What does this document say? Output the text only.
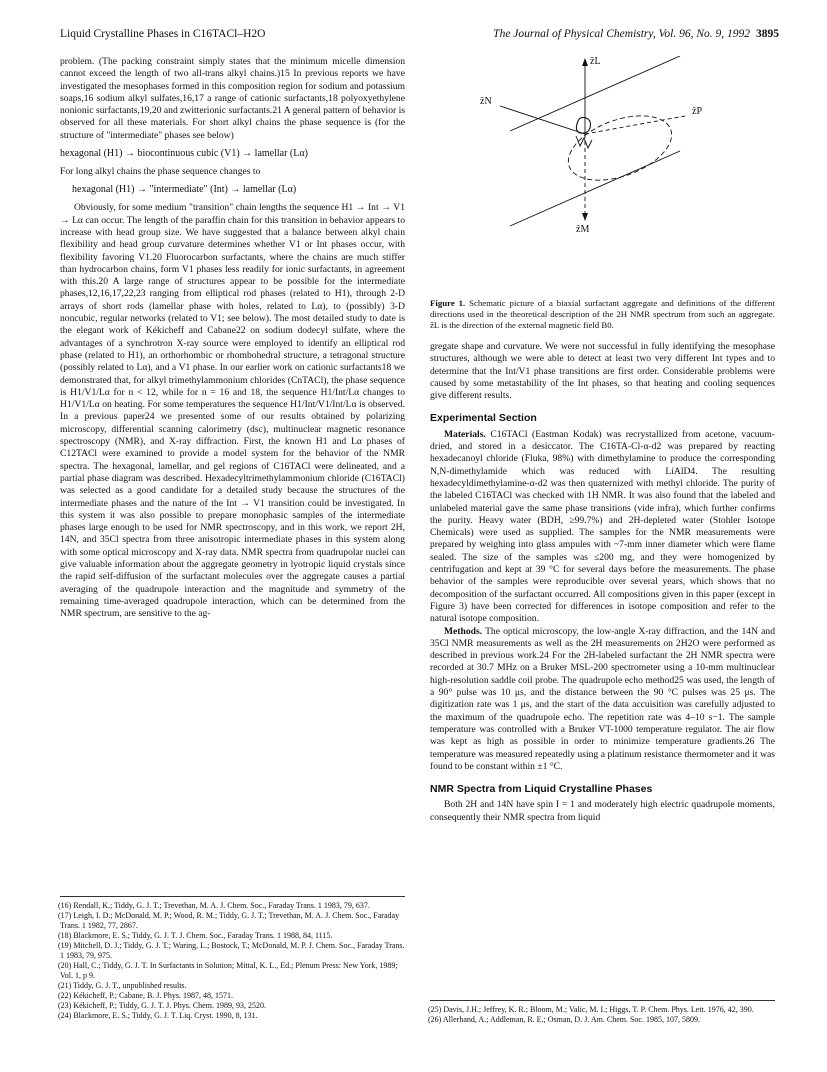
Liquid Crystalline Phases in C16TACl–H2O	The Journal of Physical Chemistry, Vol. 96, No. 9, 1992 3895

problem. (The packing constraint simply states that the minimum micelle dimension cannot exceed the length of two all-trans alkyl chains.)15 In previous reports we have investigated the mesophases formed in this composition region for sodium and potassium soaps,16 sodium alkyl sulfates,16,17 a range of cationic surfactants,18 polyoxyethylene nonionic surfactants,19,20 and zwitterionic surfactants.21 A general pattern of behavior is observed for all these materials. For short alkyl chains the phase sequence is (for the structure of "intermediate" phases see below)

hexagonal (H1) → biocontinuous cubic (V1) → lamellar (Lα)

For long alkyl chains the phase sequence changes to

hexagonal (H1) → "intermediate" (Int) → lamellar (Lα)

Obviously, for some medium "transition" chain lengths the sequence H1 → Int → V1 → Lα can occur. The length of the paraffin chain for this transition in behavior appears to increase with head group size. We have suggested that a balance between alkyl chain flexibility and head group curvature determines whether V1 or Int phases occur, with flexibility favoring V1.20 Fluorocarbon surfactants, where the chains are much stiffer than hydrocarbon chains, form V1 phases less readily for ionic surfactants, in agreement with this.20 A large range of structures appear to be possible for the intermediate phases,12,16,17,22,23 ranging from elliptical rod phases (related to H1), through 2-D arrays of short rods (lamellar phase with holes, related to Lα), to (possibly) 3-D noncubic, regular networks (related to V1; see below). The most detailed study to date is the elegant work of Kékicheff and Cabane22 on sodium dodecyl sulfate, where the advantages of a synchrotron X-ray source were employed to identify an elliptical rod phase (related to H1), an orthorhombic or rhombohedral structure, a tetragonal structure (possibly related to Lα), and a V1 phase. In our earlier work on cationic surfactants18 we demonstrated that, for alkyl trimethylammonium chlorides (CnTACl), the phase sequence is H1/V1/Lα for n < 12, while for n = 16 and 18, the sequence H1/Int/Lα changes to H1/V1/Lα on heating. For some temperatures the sequence H1/Int/V1/Int/Lα is observed. In a previous paper24 we presented some of our results obtained by polarizing microscopy, differential scanning calorimetry (dsc), multinuclear magnetic resonance spectroscopy (NMR), and X-ray diffraction. First, the known H1 and Lα phases of C12TACl were examined to provide a model system for the behavior of the NMR spectra. The hexagonal, lamellar, and gel regions of C16TACl were delineated, and a partial phase diagram was described. Hexadecyltrimethylammonium chloride (C16TACl) was selected as a good candidate for a detailed study because the structures of the intermediate phases and the nature of the Int → V1 transition could be investigated. In this system it was also possible to prepare monophasic samples of the intermediate phases large enough to be used for NMR spectroscopy, and in this work, we report 2H, 14N, and 35Cl spectra from three anisotropic intermediate phases in this system along with some optical microscopy and X-ray data. NMR spectra from quadrupolar nuclei can give valuable information about the aggregate geometry in lyotropic liquid crystals since the rapid self-diffusion of the surfactant molecules over the aggregate causes a partial averaging of the quadrupole interaction and the magnitude and symmetry of the remaining time-averaged quadrupole interaction, which can be determined from the NMR spectrum, are sensitive to the ag-

(16) Rendall, K.; Tiddy, G. J. T.; Trevethan, M. A. J. Chem. Soc., Faraday Trans. 1 1983, 79, 637.
(17) Leigh, I. D.; McDonald, M. P.; Wood, R. M.; Tiddy, G. J. T.; Trevethan, M. A. J. Chem. Soc., Faraday Trans. 1 1982, 77, 2867.
(18) Blackmore, E. S.; Tiddy, G. J. T. J. Chem. Soc., Faraday Trans. 1 1988, 84, 1115.
(19) Mitchell, D. J.; Tiddy, G. J. T.; Waring, L.; Bostock, T.; McDonald, M. P. J. Chem. Soc., Faraday Trans. 1 1983, 79, 975.
(20) Hall, C.; Tiddy, G. J. T. In Surfactants in Solution; Mittal, K. L., Ed.; Plenum Press: New York, 1989; Vol. 1, p 9.
(21) Tiddy, G. J. T., unpublished results.
(22) Kékicheff, P.; Cabane, B. J. Phys. 1987, 48, 1571.
(23) Kékicheff, P.; Tiddy, G. J. T. J. Phys. Chem. 1989, 93, 2520.
(24) Blackmore, E. S.; Tiddy, G. J. T. Liq. Cryst. 1990, 8, 131.
ẑL
ẑN
ẑP
ẑM
Figure 1. Schematic picture of a biaxial surfactant aggregate and definitions of the different directions used in the theoretical description of the 2H NMR spectrum from such an aggregate. ẑL is the direction of the external magnetic field B0.

gregate shape and curvature. We were not successful in fully identifying the mesophase structures, although we were able to detect at least two very different Int types and to determine that the Int/V1 phase transitions are first order. Considerable problems were caused by some metastability of the Int phases, so that heating and cooling sequences give different results.

Experimental Section

Materials. C16TACl (Eastman Kodak) was recrystallized from acetone, vacuum-dried, and stored in a desiccator. The C16TA-Cl-α-d2 was prepared by reacting hexadecanoyl chloride (Fluka, 98%) with dimethylamine to produce the corresponding N,N-dimethylamide which was reduced with LiAlD4. The resulting hexadecyldimethylamine-α-d2 was then quaternized with methyl chloride. The purity of the labeled C16TACl was checked with 1H NMR. It was also found that the labeled and unlabeled material gave the same phase transitions (vide infra), which further confirms the purity. Heavy water (BDH, ≥99.7%) and 2H-depleted water (Stohler Isotope Chemicals) were used as supplied. The samples for the NMR measurements were prepared by weighing into glass ampules with ~7-mm inner diameter which were flame sealed. The size of the samples was ≤200 mg, and they were homogenized by centrifugation and kept at 39 °C for several days before the measurements. The phase behavior of the samples were reproducible over several years, which shows that no decomposition of the surfactant occurred. All compositions given in this paper (except in Figure 3) have been corrected for differences in isotope composition and refer to the natural isotope composition.

Methods. The optical microscopy, the low-angle X-ray diffraction, and the 14N and 35Cl NMR measurements as well as the 2H measurements on 2H2O were performed as described in previous work.24 For the 2H-labeled surfactant the 2H NMR spectra were recorded at 30.7 MHz on a Bruker MSL-200 spectrometer using a 10-mm multinuclear high-resolution saddle coil probe. The quadrupole echo method25 was used, the length of a 90° pulse was 10 μs, and the distance between the 90 °C pulses was 25 μs. The digitization rate was 1 μs, and the start of the data accuisition was carefully adjusted to the maximum of the quadrupole echo. The repetition rate was 4–10 s−1. The sample temperature was controlled with a Bruker VT-1000 temperature regulator. The air flow was kept as high as possible in order to minimize temperature gradients.26 The temperature was measured repeatedly using a platinum resistance thermometer and it was found to be constant within ±1 °C.

NMR Spectra from Liquid Crystalline Phases

Both 2H and 14N have spin I = 1 and moderately high electric quadrupole moments, consequently their NMR spectra from liquid

(25) Davis, J.H.; Jeffrey, K. R.; Bloom, M.; Valic, M. I.; Higgs, T. P. Chem. Phys. Lett. 1976, 42, 390.
(26) Allerhand, A.; Addleman, R. E.; Osman, D. J. Am. Chem. Soc. 1985, 107, 5809.
